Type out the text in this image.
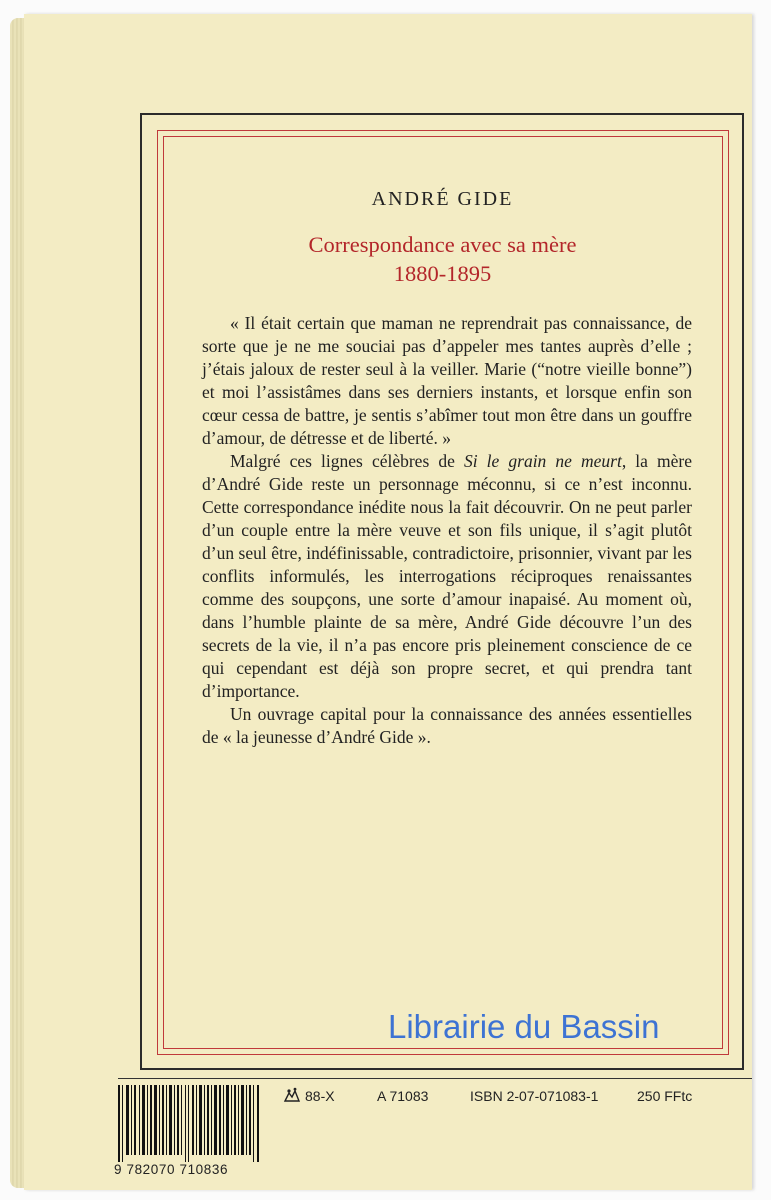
ANDRÉ GIDE
Correspondance avec sa mère
1880-1895

« Il était certain que maman ne reprendrait pas connaissance, de sorte que je ne me souciai pas d’appeler mes tantes auprès d’elle ; j’étais jaloux de rester seul à la veiller. Marie (“notre vieille bonne”) et moi l’assistâmes dans ses derniers instants, et lorsque enfin son cœur cessa de battre, je sentis s’abîmer tout mon être dans un gouffre d’amour, de détresse et de liberté. »

Malgré ces lignes célèbres de Si le grain ne meurt, la mère d’André Gide reste un personnage méconnu, si ce n’est inconnu. Cette correspondance inédite nous la fait découvrir. On ne peut parler d’un couple entre la mère veuve et son fils unique, il s’agit plutôt d’un seul être, indéfinissable, contradictoire, prisonnier, vivant par les conflits informulés, les interrogations réciproques renaissantes comme des soupçons, une sorte d’amour inapaisé. Au moment où, dans l’humble plainte de sa mère, André Gide découvre l’un des secrets de la vie, il n’a pas encore pris pleinement conscience de ce qui cependant est déjà son propre secret, et qui prendra tant d’importance.

Un ouvrage capital pour la connaissance des années essentielles de « la jeunesse d’André Gide ».

Librairie du Bassin
9 782070 710836
88-X	A 71083	ISBN 2-07-071083-1	250 FFtc
